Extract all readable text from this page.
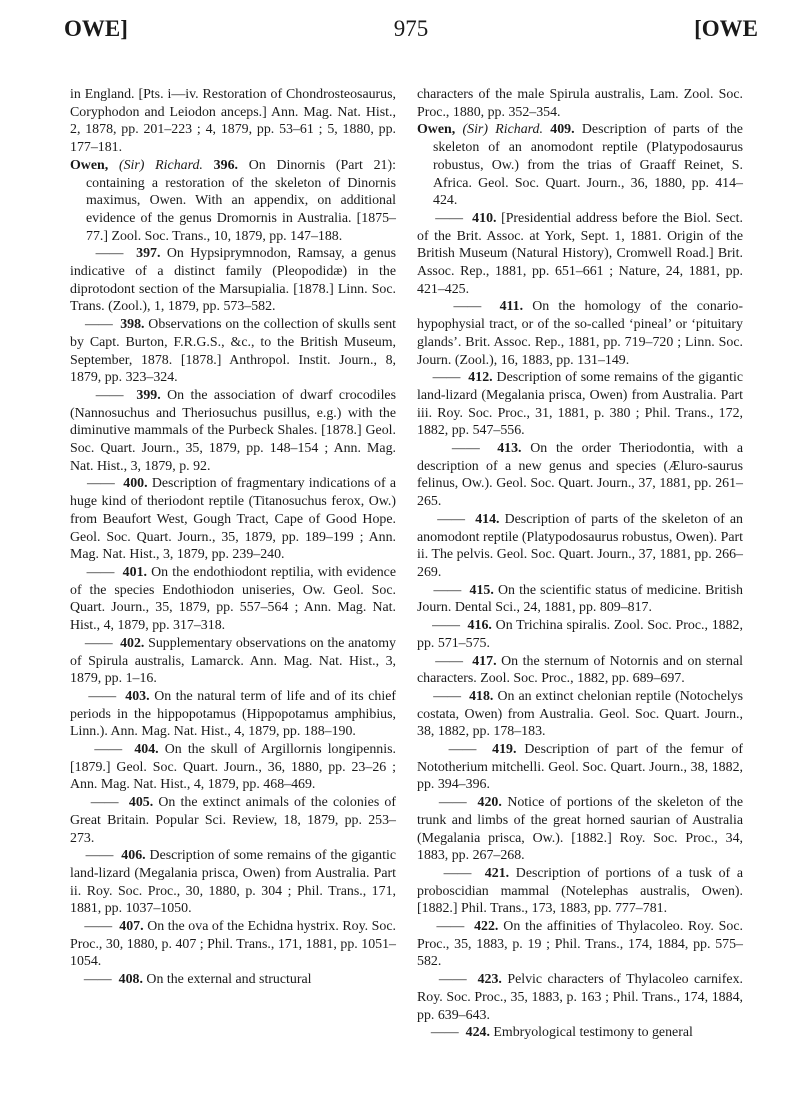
OWE]	975	[OWE
in England. [Pts. i—iv. Restoration of Chondrosteosaurus, Coryphodon and Leiodon anceps.] Ann. Mag. Nat. Hist., 2, 1878, pp. 201–223 ; 4, 1879, pp. 53–61 ; 5, 1880, pp. 177–181.
Owen, (Sir) Richard. 396. On Dinornis (Part 21): containing a restoration of the skeleton of Dinornis maximus, Owen. With an appendix, on additional evidence of the genus Dromornis in Australia. [1875–77.] Zool. Soc. Trans., 10, 1879, pp. 147–188.
——  397. On Hypsiprymnodon, Ramsay, a genus indicative of a distinct family (Pleopodidæ) in the diprotodont section of the Marsupialia. [1878.] Linn. Soc. Trans. (Zool.), 1, 1879, pp. 573–582.
——  398. Observations on the collection of skulls sent by Capt. Burton, F.R.G.S., &c., to the British Museum, September, 1878. [1878.] Anthropol. Instit. Journ., 8, 1879, pp. 323–324.
——  399. On the association of dwarf crocodiles (Nannosuchus and Theriosuchus pusillus, e.g.) with the diminutive mammals of the Purbeck Shales. [1878.] Geol. Soc. Quart. Journ., 35, 1879, pp. 148–154 ; Ann. Mag. Nat. Hist., 3, 1879, p. 92.
——  400. Description of fragmentary indications of a huge kind of theriodont reptile (Titanosuchus ferox, Ow.) from Beaufort West, Gough Tract, Cape of Good Hope. Geol. Soc. Quart. Journ., 35, 1879, pp. 189–199 ; Ann. Mag. Nat. Hist., 3, 1879, pp. 239–240.
——  401. On the endothiodont reptilia, with evidence of the species Endothiodon uniseries, Ow. Geol. Soc. Quart. Journ., 35, 1879, pp. 557–564 ; Ann. Mag. Nat. Hist., 4, 1879, pp. 317–318.
——  402. Supplementary observations on the anatomy of Spirula australis, Lamarck. Ann. Mag. Nat. Hist., 3, 1879, pp. 1–16.
——  403. On the natural term of life and of its chief periods in the hippopotamus (Hippopotamus amphibius, Linn.). Ann. Mag. Nat. Hist., 4, 1879, pp. 188–190.
——  404. On the skull of Argillornis longipennis. [1879.] Geol. Soc. Quart. Journ., 36, 1880, pp. 23–26 ; Ann. Mag. Nat. Hist., 4, 1879, pp. 468–469.
——  405. On the extinct animals of the colonies of Great Britain. Popular Sci. Review, 18, 1879, pp. 253–273.
——  406. Description of some remains of the gigantic land-lizard (Megalania prisca, Owen) from Australia. Part ii. Roy. Soc. Proc., 30, 1880, p. 304 ; Phil. Trans., 171, 1881, pp. 1037–1050.
——  407. On the ova of the Echidna hystrix. Roy. Soc. Proc., 30, 1880, p. 407 ; Phil. Trans., 171, 1881, pp. 1051–1054.
——  408. On the external and structural
characters of the male Spirula australis, Lam. Zool. Soc. Proc., 1880, pp. 352–354.
Owen, (Sir) Richard. 409. Description of parts of the skeleton of an anomodont reptile (Platypodosaurus robustus, Ow.) from the trias of Graaff Reinet, S. Africa. Geol. Soc. Quart. Journ., 36, 1880, pp. 414–424.
——  410. [Presidential address before the Biol. Sect. of the Brit. Assoc. at York, Sept. 1, 1881. Origin of the British Museum (Natural History), Cromwell Road.] Brit. Assoc. Rep., 1881, pp. 651–661 ; Nature, 24, 1881, pp. 421–425.
——  411. On the homology of the conario-hypophysial tract, or of the so-called ‘pineal’ or ‘pituitary glands’. Brit. Assoc. Rep., 1881, pp. 719–720 ; Linn. Soc. Journ. (Zool.), 16, 1883, pp. 131–149.
——  412. Description of some remains of the gigantic land-lizard (Megalania prisca, Owen) from Australia. Part iii. Roy. Soc. Proc., 31, 1881, p. 380 ; Phil. Trans., 172, 1882, pp. 547–556.
——  413. On the order Theriodontia, with a description of a new genus and species (Æluro-saurus felinus, Ow.). Geol. Soc. Quart. Journ., 37, 1881, pp. 261–265.
——  414. Description of parts of the skeleton of an anomodont reptile (Platypodosaurus robustus, Owen). Part ii. The pelvis. Geol. Soc. Quart. Journ., 37, 1881, pp. 266–269.
——  415. On the scientific status of medicine. British Journ. Dental Sci., 24, 1881, pp. 809–817.
——  416. On Trichina spiralis. Zool. Soc. Proc., 1882, pp. 571–575.
——  417. On the sternum of Notornis and on sternal characters. Zool. Soc. Proc., 1882, pp. 689–697.
——  418. On an extinct chelonian reptile (Notochelys costata, Owen) from Australia. Geol. Soc. Quart. Journ., 38, 1882, pp. 178–183.
——  419. Description of part of the femur of Nototherium mitchelli. Geol. Soc. Quart. Journ., 38, 1882, pp. 394–396.
——  420. Notice of portions of the skeleton of the trunk and limbs of the great horned saurian of Australia (Megalania prisca, Ow.). [1882.] Roy. Soc. Proc., 34, 1883, pp. 267–268.
——  421. Description of portions of a tusk of a proboscidian mammal (Notelephas australis, Owen). [1882.] Phil. Trans., 173, 1883, pp. 777–781.
——  422. On the affinities of Thylacoleo. Roy. Soc. Proc., 35, 1883, p. 19 ; Phil. Trans., 174, 1884, pp. 575–582.
——  423. Pelvic characters of Thylacoleo carnifex. Roy. Soc. Proc., 35, 1883, p. 163 ; Phil. Trans., 174, 1884, pp. 639–643.
——  424. Embryological testimony to general
